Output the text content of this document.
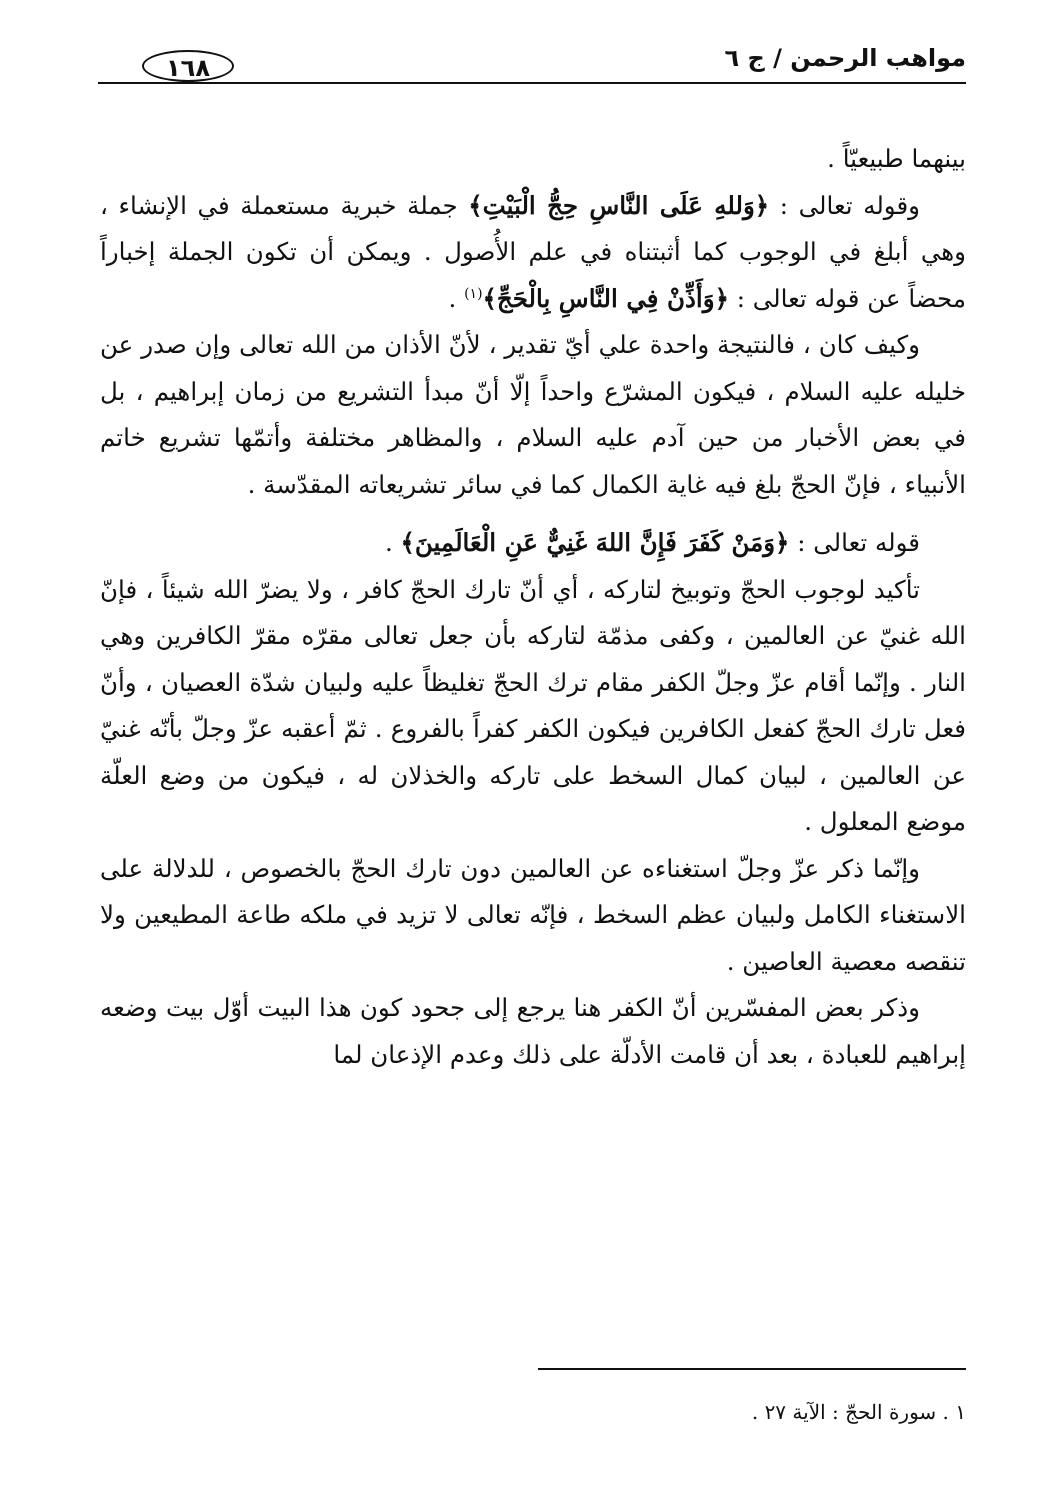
١٦٨	مواهب الرحمن / ج ٦

بينهما طبيعيّاً .

وقوله تعالى : ﴿وَللهِ عَلَى النَّاسِ حِجُّ الْبَيْتِ﴾ جملة خبرية مستعملة في الإنشاء ، وهي أبلغ في الوجوب كما أثبتناه في علم الأُصول . ويمكن أن تكون الجملة إخباراً محضاً عن قوله تعالى : ﴿وَأَذِّنْ فِي النَّاسِ بِالْحَجِّ﴾$^{(١)}$ .

وكيف كان ، فالنتيجة واحدة علي أيّ تقدير ، لأنّ الأذان من الله تعالى وإن صدر عن خليله عليه السلام ، فيكون المشرّع واحداً إلّا أنّ مبدأ التشريع من زمان إبراهيم ، بل في بعض الأخبار من حين آدم عليه السلام ، والمظاهر مختلفة وأتمّها تشريع خاتم الأنبياء ، فإنّ الحجّ بلغ فيه غاية الكمال كما في سائر تشريعاته المقدّسة .

قوله تعالى : ﴿وَمَنْ كَفَرَ فَإِنَّ اللهَ غَنِيٌّ عَنِ الْعَالَمِينَ﴾ .

تأكيد لوجوب الحجّ وتوبيخ لتاركه ، أي أنّ تارك الحجّ كافر ، ولا يضرّ الله شيئاً ، فإنّ الله غنيّ عن العالمين ، وكفى مذمّة لتاركه بأن جعل تعالى مقرّه مقرّ الكافرين وهي النار . وإنّما أقام عزّ وجلّ الكفر مقام ترك الحجّ تغليظاً عليه ولبيان شدّة العصيان ، وأنّ فعل تارك الحجّ كفعل الكافرين فيكون الكفر كفراً بالفروع . ثمّ أعقبه عزّ وجلّ بأنّه غنيّ عن العالمين ، لبيان كمال السخط على تاركه والخذلان له ، فيكون من وضع العلّة موضع المعلول .

وإنّما ذكر عزّ وجلّ استغناءه عن العالمين دون تارك الحجّ بالخصوص ، للدلالة على الاستغناء الكامل ولبيان عظم السخط ، فإنّه تعالى لا تزيد في ملكه طاعة المطيعين ولا تنقصه معصية العاصين .

وذكر بعض المفسّرين أنّ الكفر هنا يرجع إلى جحود كون هذا البيت أوّل بيت وضعه إبراهيم للعبادة ، بعد أن قامت الأدلّة على ذلك وعدم الإذعان لما

١ . سورة الحجّ : الآية ٢٧ .
